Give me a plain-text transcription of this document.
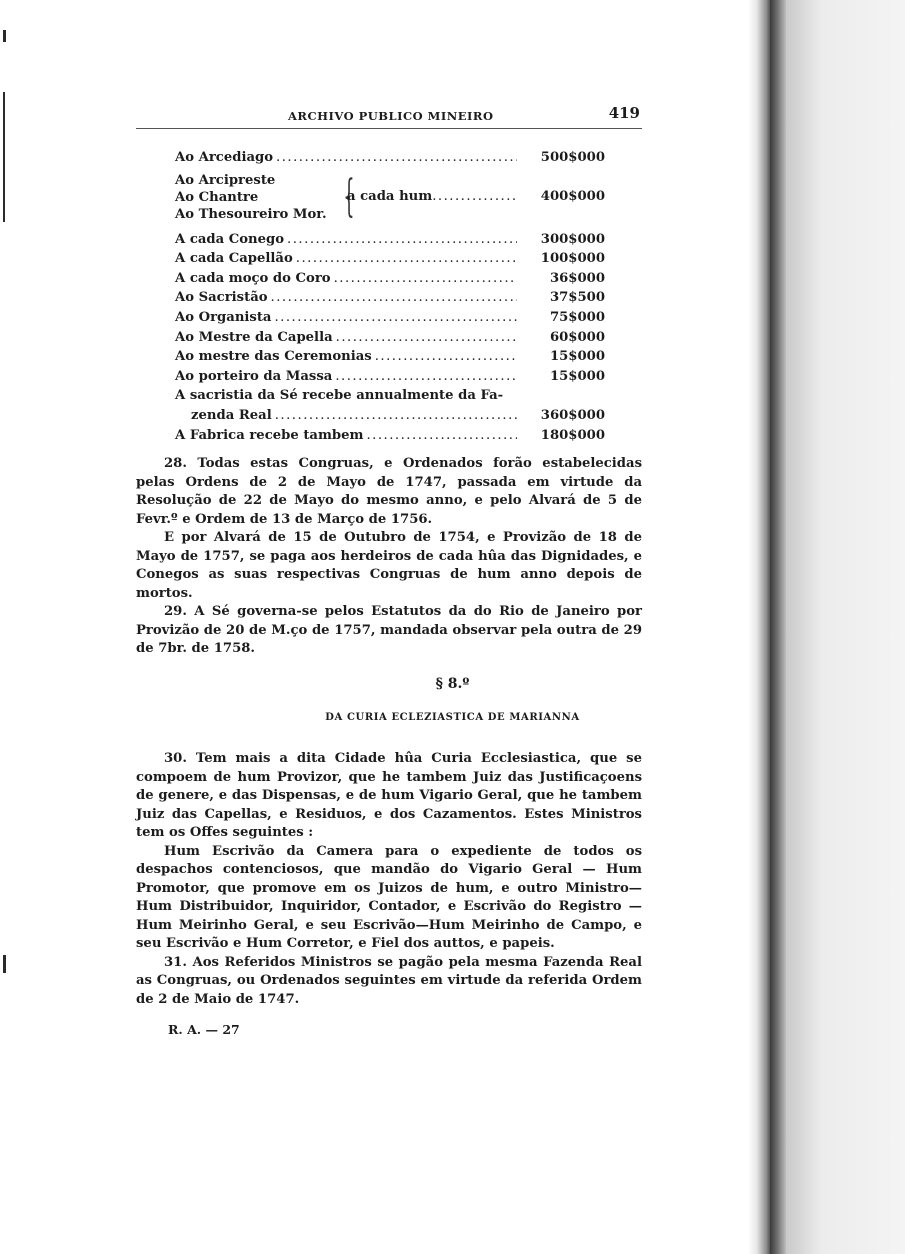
ARCHIVO PUBLICO MINEIRO	419
Ao Arcediago .....	500$000
Ao Arcipreste
Ao Chantre
Ao Thesoureiro Mor. {
a cada hum .....	400$000
A cada Conego .....	300$000
A cada Capellão .....	100$000
A cada moço do Coro .....	36$000
Ao Sacristão .....	37$500
Ao Organista .....	75$000
Ao Mestre da Capella .....	60$000
Ao mestre das Ceremonias .....	15$000
Ao porteiro da Massa .....	15$000
A sacristia da Sé recebe annualmente da Fa-
zenda Real .....	360$000
A Fabrica recebe tambem .....	180$000

28. Todas estas Congruas, e Ordenados forão estabelecidas pelas Ordens de 2 de Mayo de 1747, passada em virtude da Resolução de 22 de Mayo do mesmo anno, e pelo Alvará de 5 de Fevr.º e Ordem de 13 de Março de 1756.

E por Alvará de 15 de Outubro de 1754, e Provizão de 18 de Mayo de 1757, se paga aos herdeiros de cada hûa das Dignidades, e Conegos as suas respectivas Congruas de hum anno depois de mortos.

29. A Sé governa-se pelos Estatutos da do Rio de Janeiro por Provizão de 20 de M.ço de 1757, mandada observar pela outra de 29 de 7br. de 1758.

§ 8.º
DA CURIA ECLEZIASTICA DE MARIANNA

30. Tem mais a dita Cidade hûa Curia Ecclesiastica, que se compoem de hum Provizor, que he tambem Juiz das Justificaçoens de genere, e das Dispensas, e de hum Vigario Geral, que he tambem Juiz das Capellas, e Residuos, e dos Cazamentos. Estes Ministros tem os Offes seguintes :

Hum Escrivão da Camera para o expediente de todos os despachos contenciosos, que mandão do Vigario Geral — Hum Promotor, que promove em os Juizos de hum, e outro Ministro—Hum Distribuidor, Inquiridor, Contador, e Escrivão do Registro — Hum Meirinho Geral, e seu Escrivão—Hum Meirinho de Campo, e seu Escrivão e Hum Corretor, e Fiel dos auttos, e papeis.

31. Aos Referidos Ministros se pagão pela mesma Fazenda Real as Congruas, ou Ordenados seguintes em virtude da referida Ordem de 2 de Maio de 1747.

R. A. — 27
